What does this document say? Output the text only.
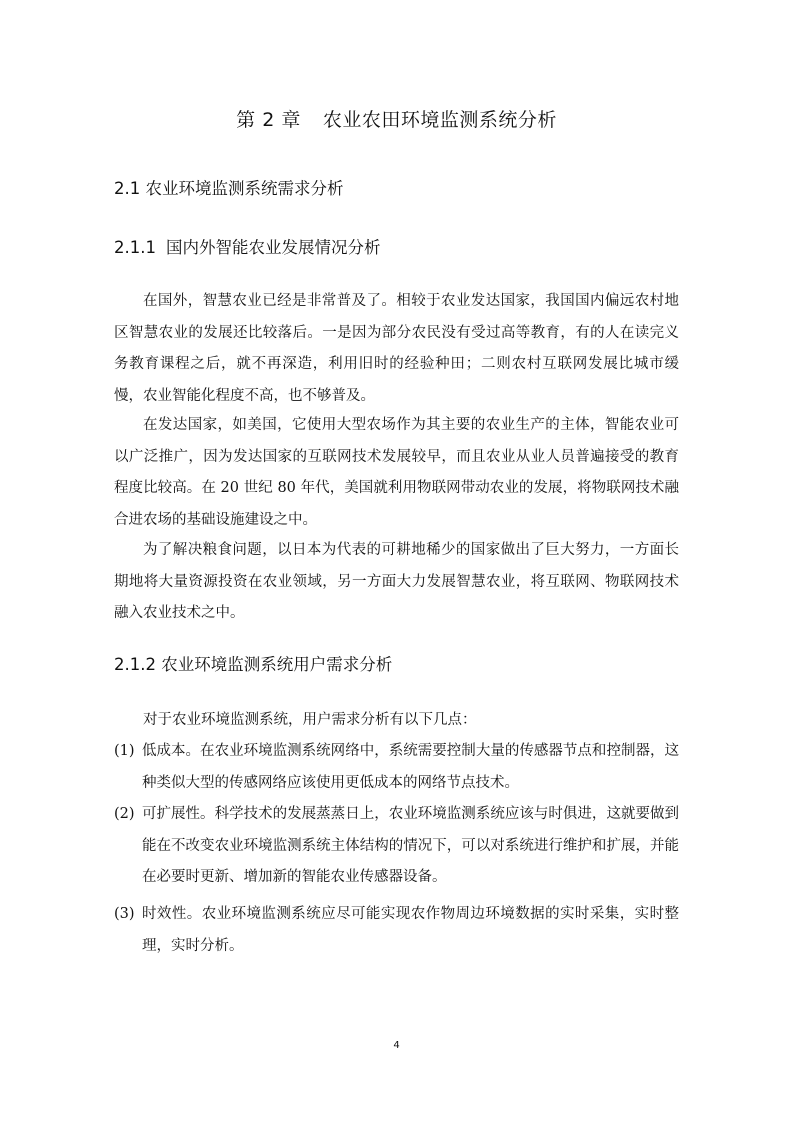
第 2 章 农业农田环境监测系统分析
2.1 农业环境监测系统需求分析
2.1.1 国内外智能农业发展情况分析

在国外，智慧农业已经是非常普及了。相较于农业发达国家，我国国内偏远农村地区智慧农业的发展还比较落后。一是因为部分农民没有受过高等教育，有的人在读完义务教育课程之后，就不再深造，利用旧时的经验种田；二则农村互联网发展比城市缓慢，农业智能化程度不高，也不够普及。

在发达国家，如美国，它使用大型农场作为其主要的农业生产的主体，智能农业可以广泛推广，因为发达国家的互联网技术发展较早，而且农业从业人员普遍接受的教育程度比较高。在 20 世纪 80 年代，美国就利用物联网带动农业的发展，将物联网技术融合进农场的基础设施建设之中。

为了解决粮食问题，以日本为代表的可耕地稀少的国家做出了巨大努力，一方面长期地将大量资源投资在农业领域，另一方面大力发展智慧农业，将互联网、物联网技术融入农业技术之中。

2.1.2 农业环境监测系统用户需求分析

对于农业环境监测系统，用户需求分析有以下几点：

(1) 低成本。在农业环境监测系统网络中，系统需要控制大量的传感器节点和控制器，这种类似大型的传感网络应该使用更低成本的网络节点技术。
(2) 可扩展性。科学技术的发展蒸蒸日上，农业环境监测系统应该与时俱进，这就要做到能在不改变农业环境监测系统主体结构的情况下，可以对系统进行维护和扩展，并能在必要时更新、增加新的智能农业传感器设备。
(3) 时效性。农业环境监测系统应尽可能实现农作物周边环境数据的实时采集，实时整理，实时分析。
4
